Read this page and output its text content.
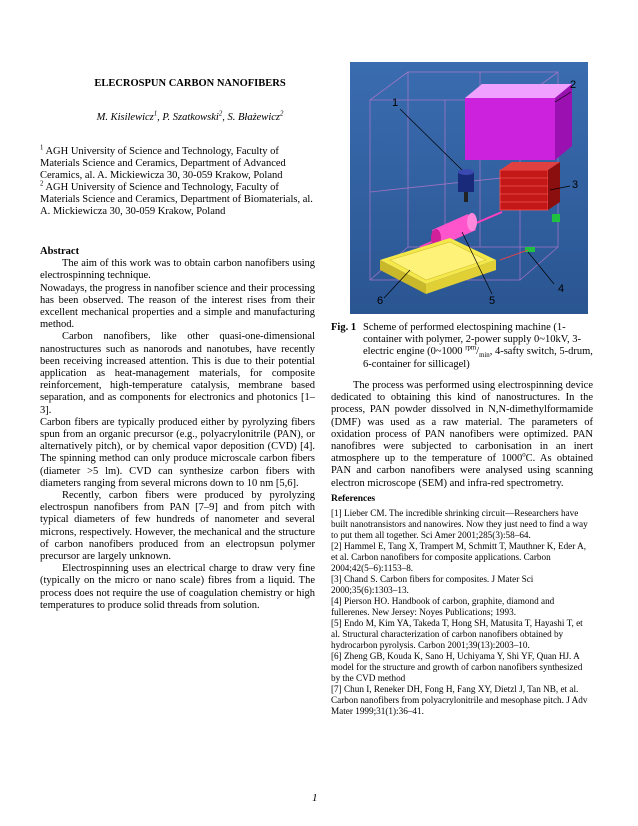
ELECROSPUN CARBON NANOFIBERS
M. Kisilewicz$^1$, P. Szatkowski$^2$, S. Błażewicz$^2$

$^1$ AGH University of Science and Technology, Faculty of Materials Science and Ceramics, Department of Advanced Ceramics, al. A. Mickiewicza 30, 30-059 Krakow, Poland

$^2$ AGH University of Science and Technology, Faculty of Materials Science and Ceramics, Department of Biomaterials, al. A. Mickiewicza 30, 30-059 Krakow, Poland

Abstract

The aim of this work was to obtain carbon nanofibers using electrospinning technique.

Nowadays, the progress in nanofiber science and their processing has been observed. The reason of the interest rises from their excellent mechanical properties and a simple and manufacturing method.

Carbon nanofibers, like other quasi-one-dimensional nanostructures such as nanorods and nanotubes, have recently been receiving increased attention. This is due to their potential application as heat-management materials, for composite reinforcement, high-temperature catalysis, membrane based separation, and as components for electronics and photonics [1–3].

Carbon fibers are typically produced either by pyrolyzing fibers spun from an organic precursor (e.g., polyacrylonitrile (PAN), or alternatively pitch), or by chemical vapor deposition (CVD) [4]. The spinning method can only produce microscale carbon fibers (diameter >5 lm). CVD can synthesize carbon fibers with diameters ranging from several microns down to 10 nm [5,6].

Recently, carbon fibers were produced by pyrolyzing electrospun nanofibers from PAN [7–9] and from pitch with typical diameters of few hundreds of nanometer and several microns, respectively. However, the mechanical and the structure of carbon nanofibers produced from an electropsun polymer precursor are largely unknown.

Electrospinning uses an electrical charge to draw very fine (typically on the micro or nano scale) fibres from a liquid. The process does not require the use of coagulation chemistry or high temperatures to produce solid threads from solution.

1
2
3
4
5
6
Fig. 1 Scheme of performed electospining machine (1-container with polymer, 2-power supply 0~10kV, 3-electric engine (0~1000 $^{rpm}/_{min}$, 4-safty switch, 5-drum, 6-container for sillicagel)

The process was performed using electrospinning device dedicated to obtaining this kind of nanostructures. In the process, PAN powder dissolved in N,N-dimethylformamide (DMF) was used as a raw material. The parameters of oxidation process of PAN nanofibers were optimized. PAN nanofibres were subjected to carbonisation in an inert atmosphere up to the temperature of 1000$^o$C. As obtained PAN and carbon nanofibers were analysed using scanning electron microscope (SEM) and infra-red spectrometry.

References

[1] Lieber CM. The incredible shrinking circuit—Researchers have built nanotransistors and nanowires. Now they just need to find a way to put them all together. Sci Amer 2001;285(3):58–64.

[2] Hammel E, Tang X, Trampert M, Schmitt T, Mauthner K, Eder A, et al. Carbon nanofibers for composite applications. Carbon 2004;42(5–6):1153–8.

[3] Chand S. Carbon fibers for composites. J Mater Sci 2000;35(6):1303–13.

[4] Pierson HO. Handbook of carbon, graphite, diamond and fullerenes. New Jersey: Noyes Publications; 1993.

[5] Endo M, Kim YA, Takeda T, Hong SH, Matusita T, Hayashi T, et al. Structural characterization of carbon nanofibers obtained by hydrocarbon pyrolysis. Carbon 2001;39(13):2003–10.

[6] Zheng GB, Kouda K, Sano H, Uchiyama Y, Shi YF, Quan HJ. A model for the structure and growth of carbon nanofibers synthesized by the CVD method

[7] Chun I, Reneker DH, Fong H, Fang XY, Dietzl J, Tan NB, et al. Carbon nanofibers from polyacrylonitrile and mesophase pitch. J Adv Mater 1999;31(1):36–41.

1
